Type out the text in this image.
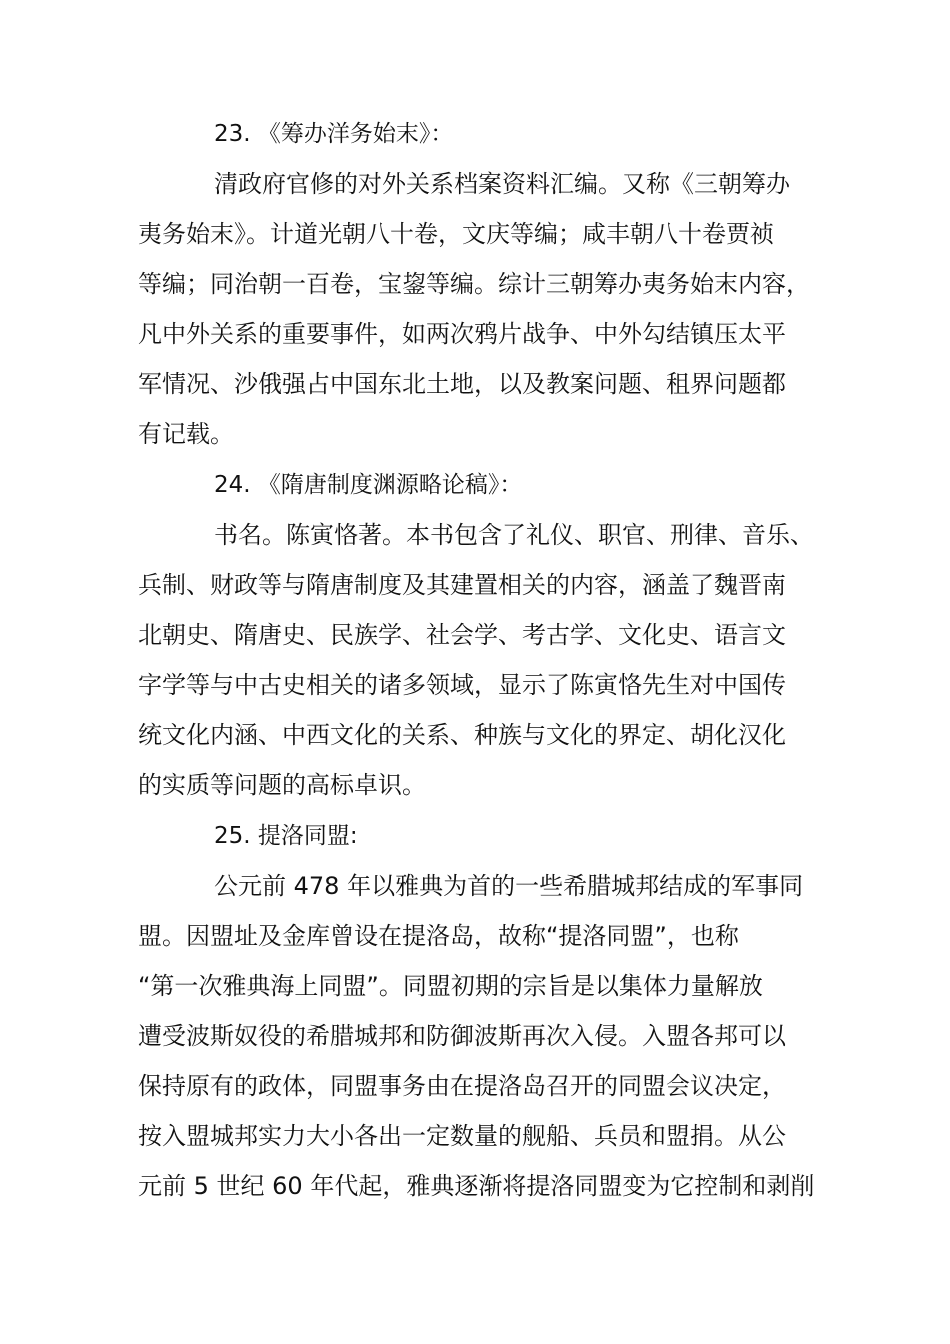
23. 《筹办洋务始末》：
清政府官修的对外关系档案资料汇编。又称《三朝筹办
夷务始末》。计道光朝八十卷，文庆等编；咸丰朝八十卷贾祯
等编；同治朝一百卷，宝鋆等编。综计三朝筹办夷务始末内容，
凡中外关系的重要事件，如两次鸦片战争、中外勾结镇压太平
军情况、沙俄强占中国东北土地，以及教案问题、租界问题都
有记载。
24. 《隋唐制度渊源略论稿》：
书名。陈寅恪著。本书包含了礼仪、职官、刑律、音乐、
兵制、财政等与隋唐制度及其建置相关的内容，涵盖了魏晋南
北朝史、隋唐史、民族学、社会学、考古学、文化史、语言文
字学等与中古史相关的诸多领域，显示了陈寅恪先生对中国传
统文化内涵、中西文化的关系、种族与文化的界定、胡化汉化
的实质等问题的高标卓识。
25. 提洛同盟:
公元前 478 年以雅典为首的一些希腊城邦结成的军事同
盟。因盟址及金库曾设在提洛岛，故称“提洛同盟”，也称
“第一次雅典海上同盟”。同盟初期的宗旨是以集体力量解放
遭受波斯奴役的希腊城邦和防御波斯再次入侵。入盟各邦可以
保持原有的政体，同盟事务由在提洛岛召开的同盟会议决定，
按入盟城邦实力大小各出一定数量的舰船、兵员和盟捐。从公
元前 5 世纪 60 年代起，雅典逐渐将提洛同盟变为它控制和剥削
